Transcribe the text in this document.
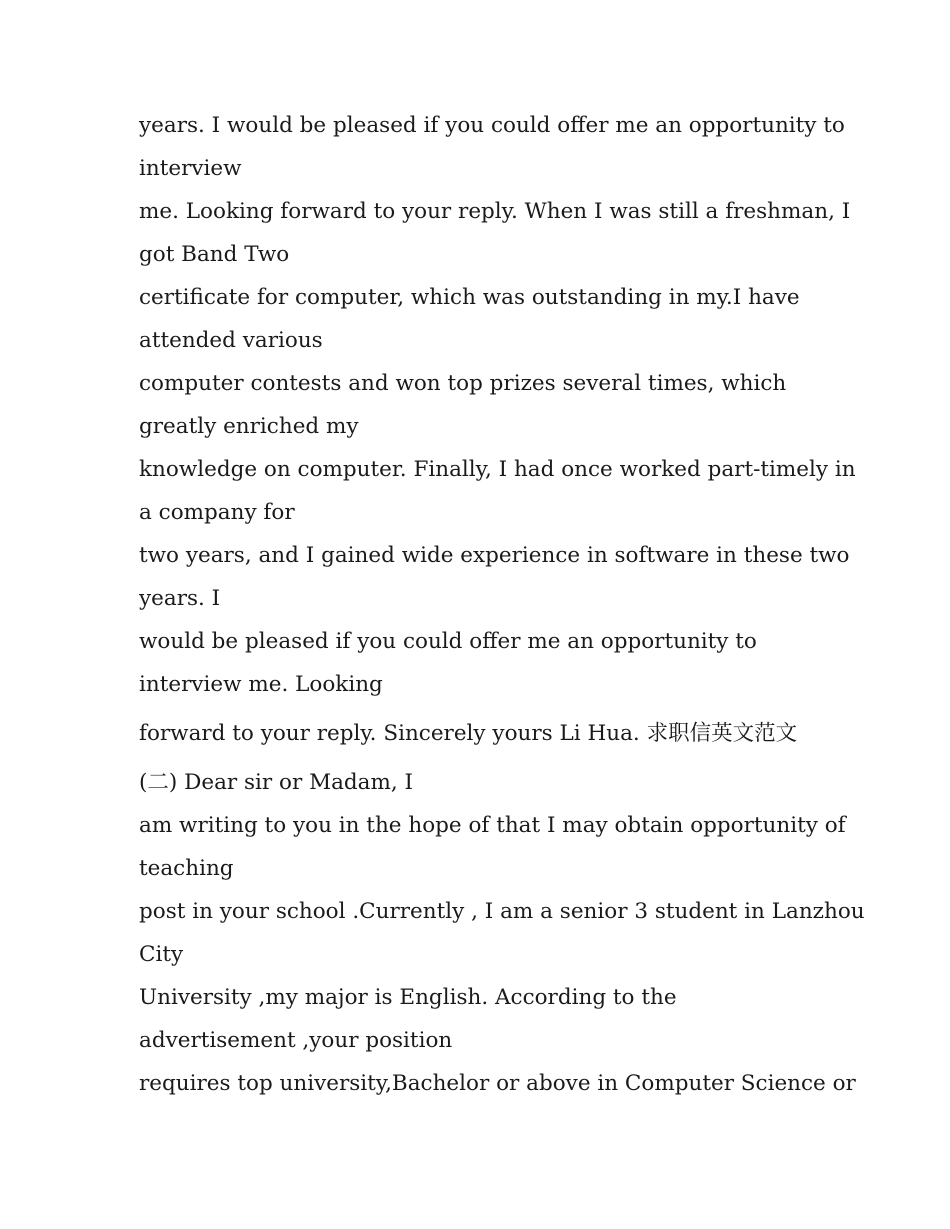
years. I would be pleased if you could offer me an opportunity to
interview
me. Looking forward to your reply. When I was still a freshman, I
got Band Two
certificate for computer, which was outstanding in my.I have
attended various
computer contests and won top prizes several times, which
greatly enriched my
knowledge on computer. Finally, I had once worked part-timely in
a company for
two years, and I gained wide experience in software in these two
years. I
would be pleased if you could offer me an opportunity to
interview me. Looking
forward to your reply. Sincerely yours Li Hua. 求职信英文范文
(二) Dear sir or Madam, I
am writing to you in the hope of that I may obtain opportunity of
teaching
post in your school .Currently , I am a senior 3 student in Lanzhou
City
University ,my major is English. According to the
advertisement ,your position
requires top university,Bachelor or above in Computer Science or
